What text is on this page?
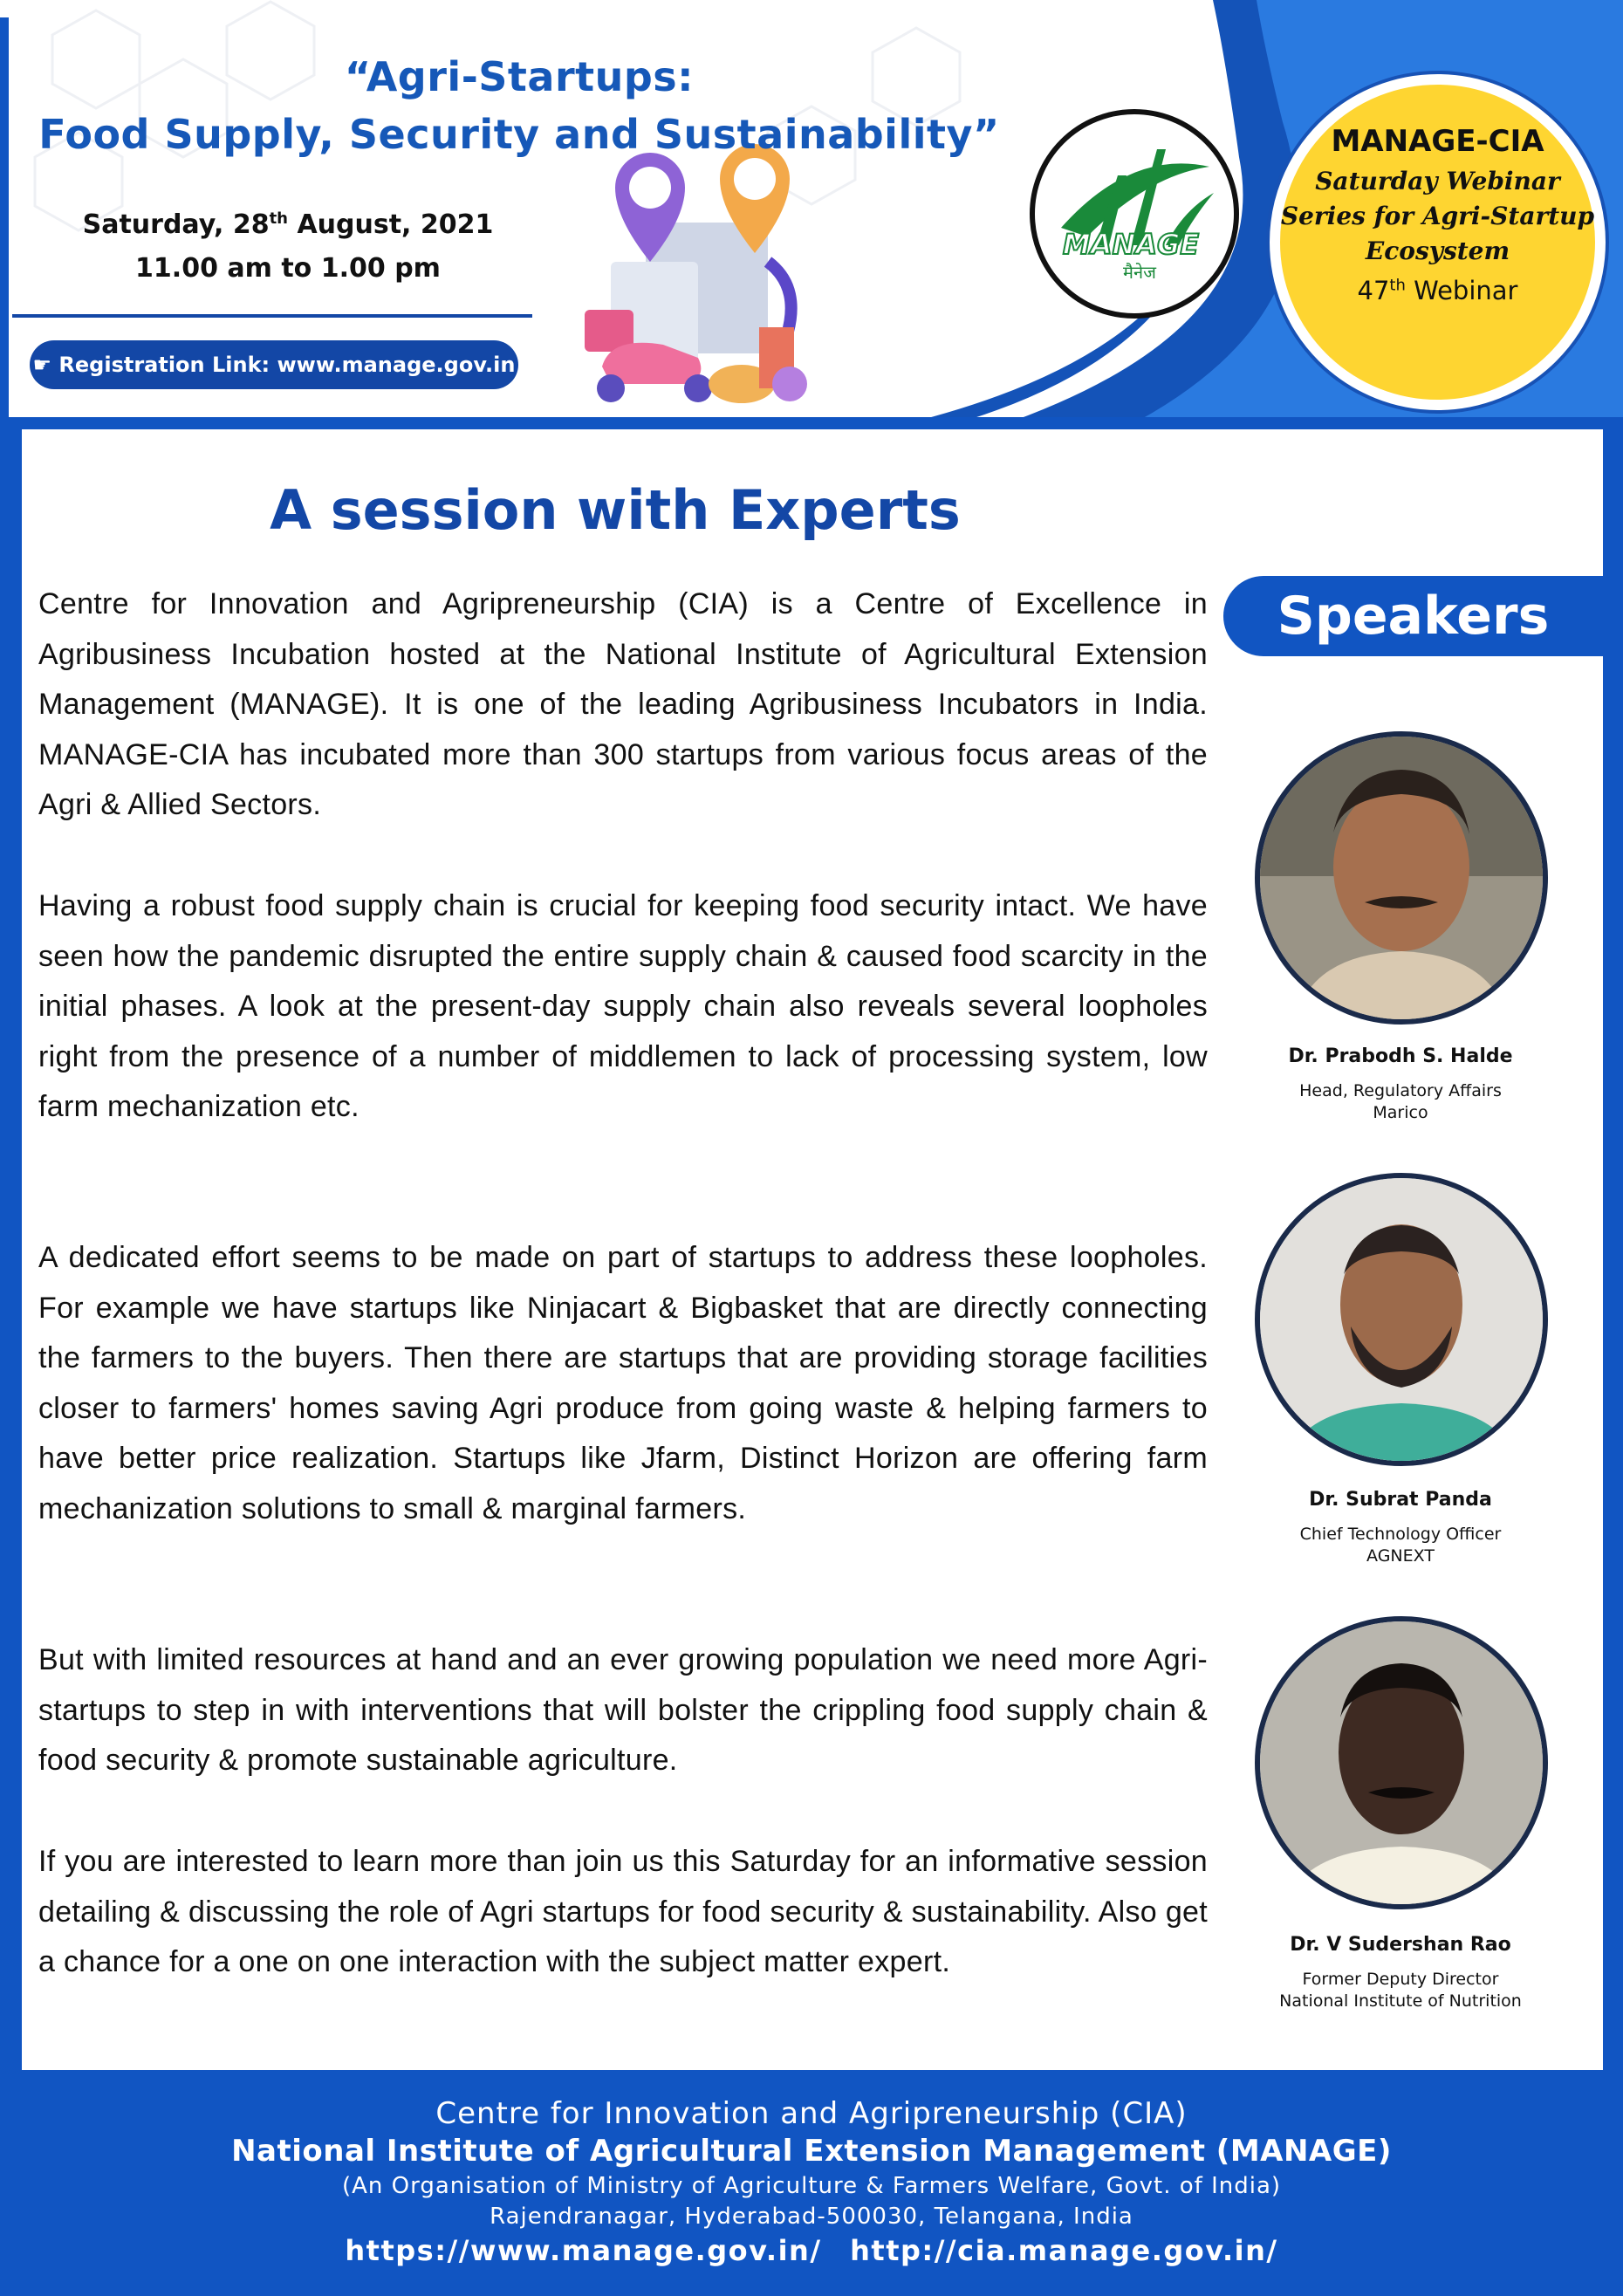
“Agri-Startups:
Food Supply, Security and Sustainability”
Saturday, 28th August, 2021
11.00 am to 1.00 pm
☛ Registration Link: www.manage.gov.in
MANAGE
मैनेज
MANAGE-CIA
Saturday Webinar
Series for Agri-Startup
Ecosystem
47th Webinar
A session with Experts
Centre for Innovation and Agripreneurship (CIA) is a Centre of Excellence in Agribusiness Incubation hosted at the National Institute of Agricultural Extension Management (MANAGE). It is one of the leading Agribusiness Incubators in India. MANAGE-CIA has incubated more than 300 startups from various focus areas of the Agri & Allied Sectors.
Having a robust food supply chain is crucial for keeping food security intact. We have seen how the pandemic disrupted the entire supply chain & caused food scarcity in the initial phases. A look at the present-day supply chain also reveals several loopholes right from the presence of a number of middlemen to lack of processing system, low farm mechanization etc.
A dedicated effort seems to be made on part of startups to address these loopholes. For example we have startups like Ninjacart & Bigbasket that are directly connecting the farmers to the buyers. Then there are startups that are providing storage facilities closer to farmers' homes saving Agri produce from going waste & helping farmers to have better price realization. Startups like Jfarm, Distinct Horizon are offering farm mechanization solutions to small & marginal farmers.
But with limited resources at hand and an ever growing population we need more Agri-startups to step in with interventions that will bolster the crippling food supply chain & food security & promote sustainable agriculture.
If you are interested to learn more than join us this Saturday for an informative session detailing & discussing the role of Agri startups for food security & sustainability. Also get a chance for a one on one interaction with the subject matter expert.
Speakers
Dr. Prabodh S. Halde
Head, Regulatory Affairs
Marico
Dr. Subrat Panda
Chief Technology Officer
AGNEXT
Dr. V Sudershan Rao
Former Deputy Director
National Institute of Nutrition
Centre for Innovation and Agripreneurship (CIA)
National Institute of Agricultural Extension Management (MANAGE)
(An Organisation of Ministry of Agriculture & Farmers Welfare, Govt. of India)
Rajendranagar, Hyderabad-500030, Telangana, India
https://www.manage.gov.in/ http://cia.manage.gov.in/
